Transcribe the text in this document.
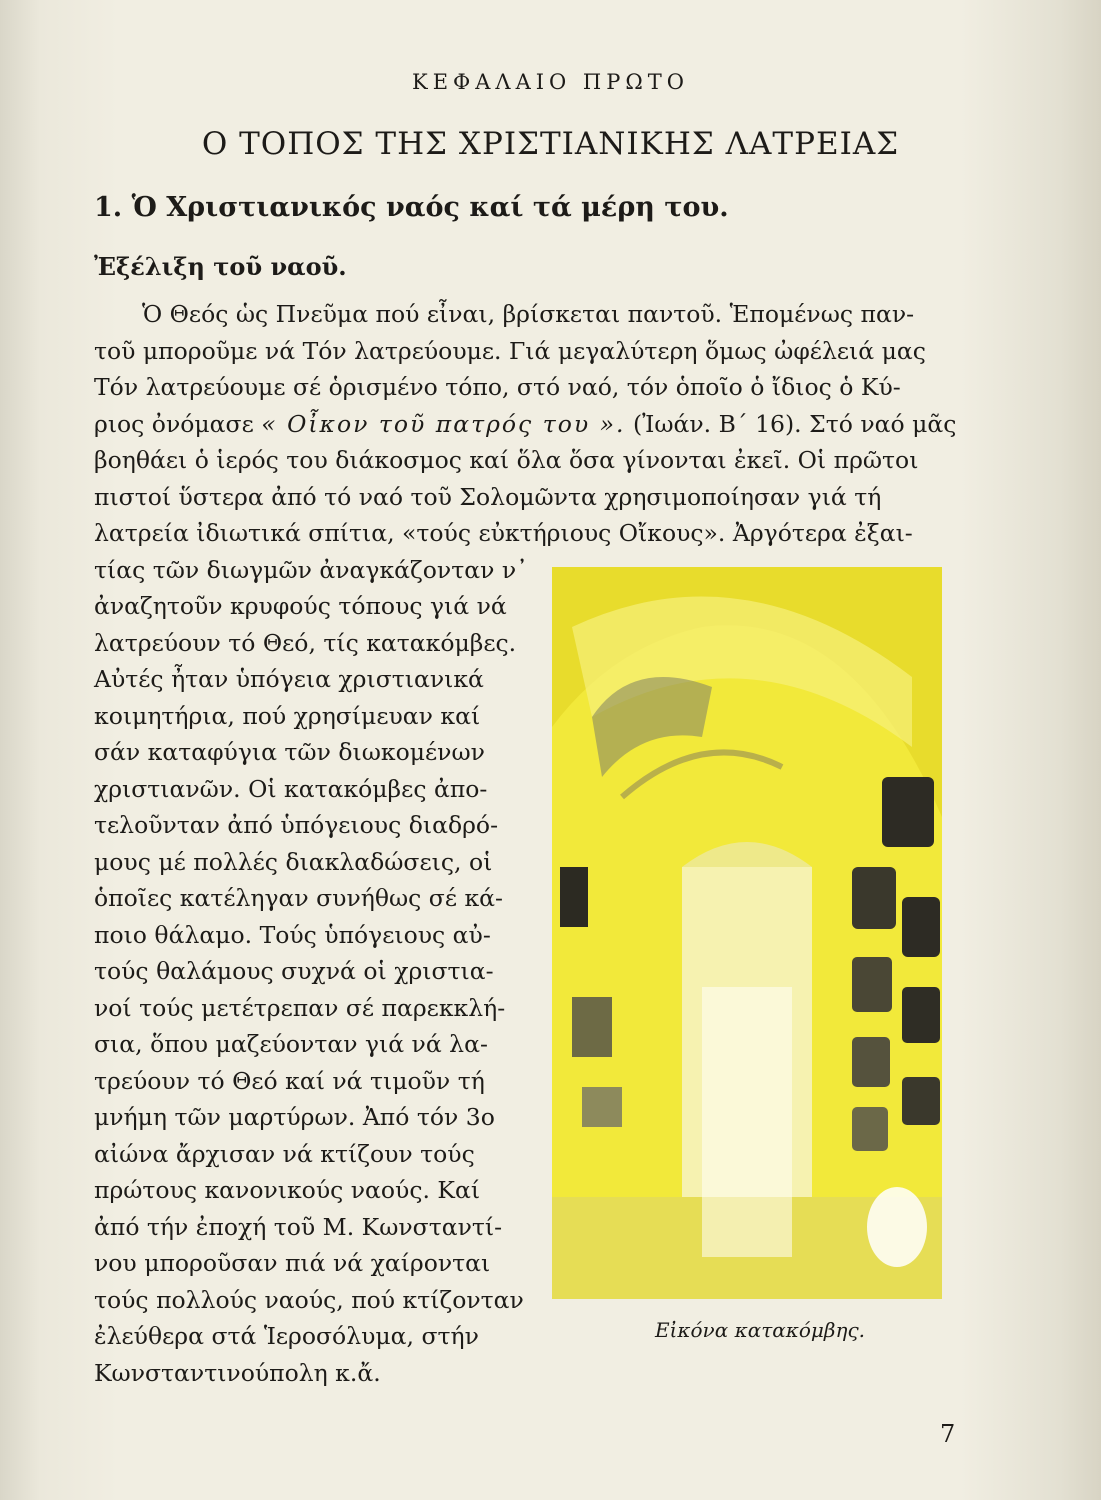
ΚΕΦΑΛΑΙΟ ΠΡΩΤΟ
Ο ΤΟΠΟΣ ΤΗΣ ΧΡΙΣΤΙΑΝΙΚΗΣ ΛΑΤΡΕΙΑΣ
1. Ὁ Χριστιανικός ναός καί τά μέρη του.
Ἐξέλιξη τοῦ ναοῦ.
Ὁ Θεός ὡς Πνεῦμα πού εἶναι, βρίσκεται παντοῦ. Ἑπομένως παν-
τοῦ μποροῦμε νά Τόν λατρεύουμε. Γιά μεγαλύτερη ὅμως ὠφέλειά μας
Τόν λατρεύουμε σέ ὁρισμένο τόπο, στό ναό, τόν ὁποῖο ὁ ἴδιος ὁ Κύ-
ριος ὀνόμασε « Οἶκον τοῦ πατρός του ». (Ἰωάν. Β΄ 16). Στό ναό μᾶς
βοηθάει ὁ ἱερός του διάκοσμος καί ὅλα ὅσα γίνονται ἐκεῖ. Οἱ πρῶτοι
πιστοί ὕστερα ἀπό τό ναό τοῦ Σολομῶντα χρησιμοποίησαν γιά τή
λατρεία ἰδιωτικά σπίτια, «τούς εὐκτήριους Οἴκους». Ἀργότερα ἐξαι-
τίας τῶν διωγμῶν ἀναγκάζονταν ν᾽
ἀναζητοῦν κρυφούς τόπους γιά νά
λατρεύουν τό Θεό, τίς κατακόμβες.
Αὐτές ἦταν ὑπόγεια χριστιανικά
κοιμητήρια, πού χρησίμευαν καί
σάν καταφύγια τῶν διωκομένων
χριστιανῶν. Οἱ κατακόμβες ἀπο-
τελοῦνταν ἀπό ὑπόγειους διαδρό-
μους μέ πολλές διακλαδώσεις, οἱ
ὁποῖες κατέληγαν συνήθως σέ κά-
ποιο θάλαμο. Τούς ὑπόγειους αὐ-
τούς θαλάμους συχνά οἱ χριστια-
νοί τούς μετέτρεπαν σέ παρεκκλή-
σια, ὅπου μαζεύονταν γιά νά λα-
τρεύουν τό Θεό καί νά τιμοῦν τή
μνήμη τῶν μαρτύρων. Ἀπό τόν 3ο
αἰώνα ἄρχισαν νά κτίζουν τούς
πρώτους κανονικούς ναούς. Καί
ἀπό τήν ἐποχή τοῦ Μ. Κωνσταντί-
νου μποροῦσαν πιά νά χαίρονται
τούς πολλούς ναούς, πού κτίζονταν
ἐλεύθερα στά Ἱεροσόλυμα, στήν
Κωνσταντινούπολη κ.ἄ.
Εἰκόνα κατακόμβης.
7
